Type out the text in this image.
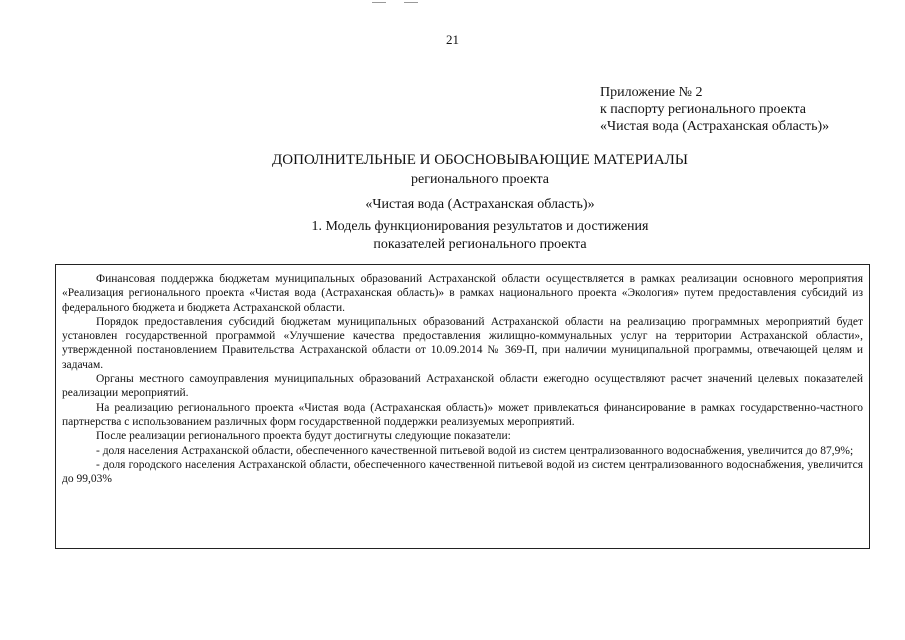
21
Приложение № 2
к паспорту регионального проекта
«Чистая вода (Астраханская область)»
ДОПОЛНИТЕЛЬНЫЕ И ОБОСНОВЫВАЮЩИЕ МАТЕРИАЛЫ
регионального проекта
«Чистая вода (Астраханская область)»
1. Модель функционирования результатов и достижения
показателей регионального проекта

Финансовая поддержка бюджетам муниципальных образований Астраханской области осуществляется в рамках реализации основного мероприятия «Реализация регионального проекта «Чистая вода (Астраханская область)» в рамках национального проекта «Экология» путем предоставления субсидий из федерального бюджета и бюджета Астраханской области.

Порядок предоставления субсидий бюджетам муниципальных образований Астраханской области на реализацию программных мероприятий будет установлен государственной программой «Улучшение качества предоставления жилищно-коммунальных услуг на территории Астраханской области», утвержденной постановлением Правительства Астраханской области от 10.09.2014 № 369-П, при наличии муниципальной программы, отвечающей целям и задачам.

Органы местного самоуправления муниципальных образований Астраханской области ежегодно осуществляют расчет значений целевых показателей реализации мероприятий.

На реализацию регионального проекта «Чистая вода (Астраханская область)» может привлекаться финансирование в рамках государственно-частного партнерства с использованием различных форм государственной поддержки реализуемых мероприятий.

После реализации регионального проекта будут достигнуты следующие показатели:

- доля населения Астраханской области, обеспеченного качественной питьевой водой из систем централизованного водоснабжения, увеличится до 87,9%;

- доля городского населения Астраханской области, обеспеченного качественной питьевой водой из систем централизованного водоснабжения, увеличится до 99,03%
